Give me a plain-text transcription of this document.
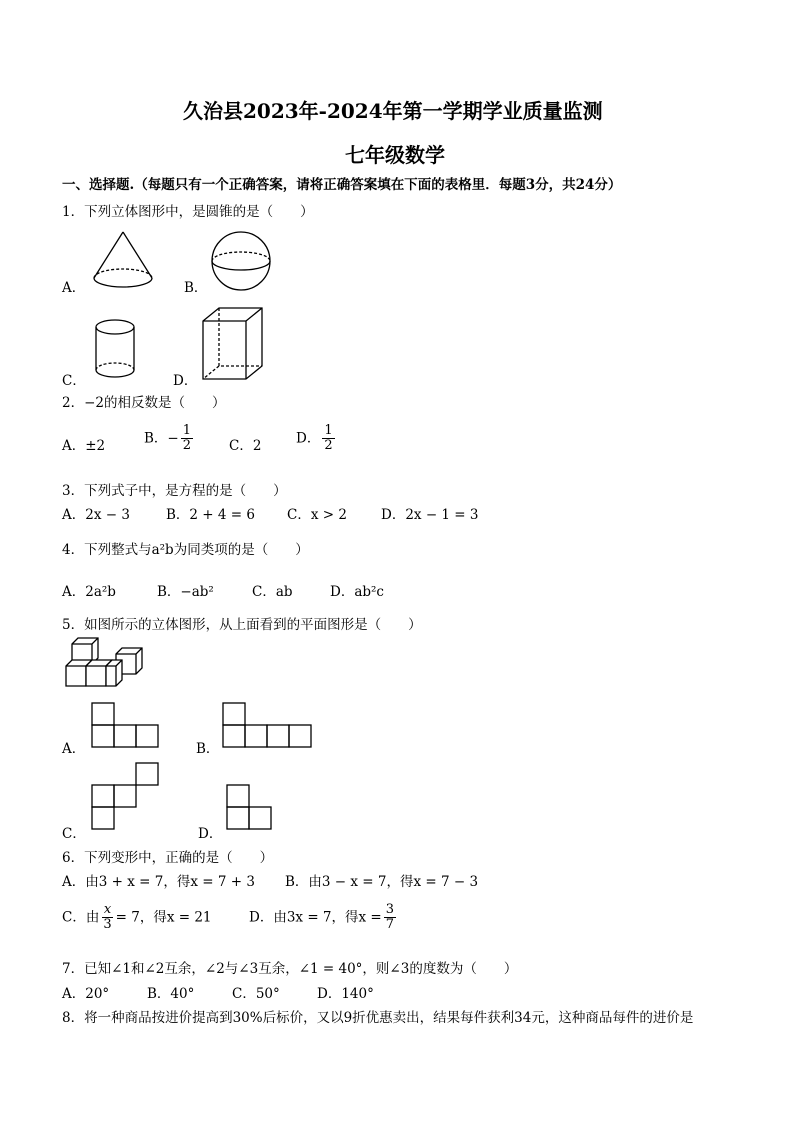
久治县2023年-2024年第一学期学业质量监测
七年级数学
一、选择题.（每题只有一个正确答案，请将正确答案填在下面的表格里．每题3分，共24分）
1．下列立体图形中，是圆锥的是（　　）
A．	B．
C．	D．
2．−2的相反数是（　　）
A．±2	B．− $\frac{1}{2}$	C．2	D． $\frac{1}{2}$
3．下列式子中，是方程的是（　　）
A．2x − 3	B．2 + 4 = 6 C．x > 2	D．2x − 1 = 3
4．下列整式与a²b为同类项的是（　　）
A．2a²b	B．−ab²	C．ab	D．ab²c
5．如图所示的立体图形，从上面看到的平面图形是（　　）
A．	B．
C．	D．
6．下列变形中，正确的是（　　）
A．由3 + x = 7，得x = 7 + 3 B．由3 − x = 7，得x = 7 − 3
C．由 $\frac{x}{3} = 7$，得x = 21	D．由3x = 7，得$x = \frac{3}{7}$
7．已知∠1和∠2互余，∠2与∠3互余，∠1 = 40°，则∠3的度数为（　　）
A．20°	B．40°	C．50°	D．140°
8．将一种商品按进价提高到30%后标价，又以9折优惠卖出，结果每件获利34元，这种商品每件的进价是
